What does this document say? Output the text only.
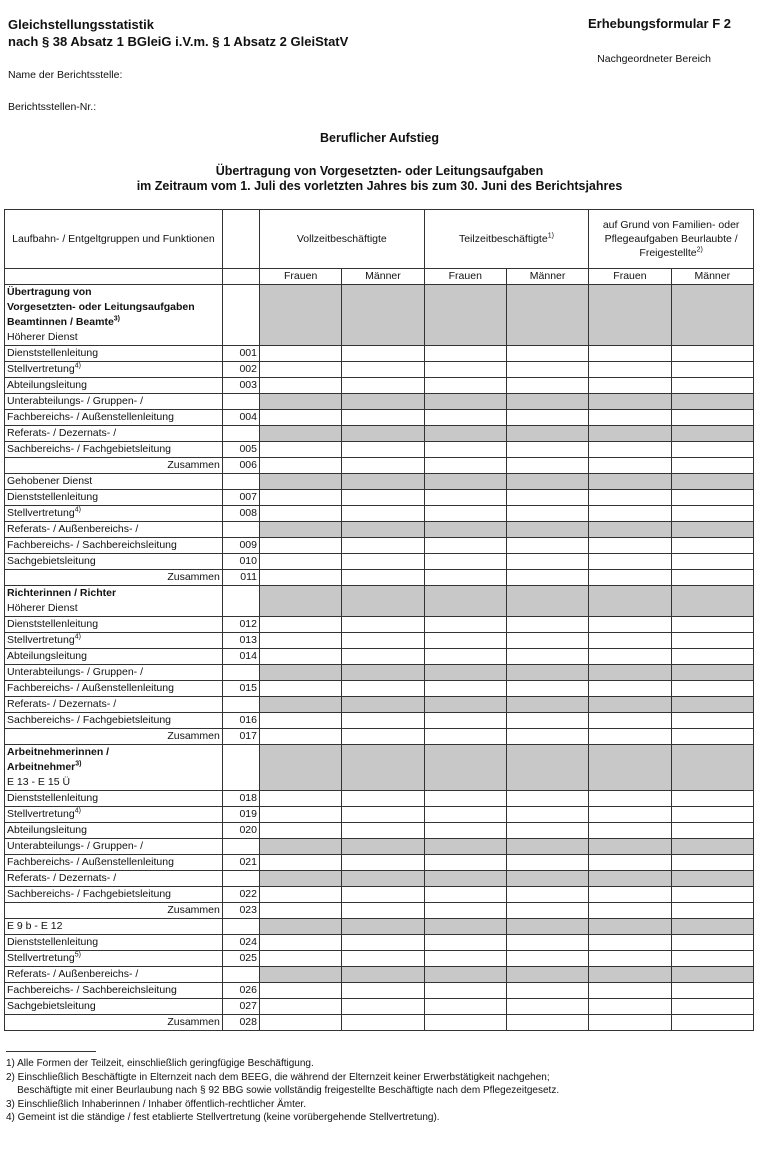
Gleichstellungsstatistik
nach § 38 Absatz 1 BGleiG i.V.m. § 1 Absatz 2 GleiStatV
Erhebungsformular F 2
Nachgeordneter Bereich
Name der Berichtsstelle:
Berichtsstellen-Nr.:
Beruflicher Aufstieg
Übertragung von Vorgesetzten- oder Leitungsaufgaben
im Zeitraum vom 1. Juli des vorletzten Jahres bis zum 30. Juni des Berichtsjahres
Laufbahn- / Entgeltgruppen und Funktionen		Vollzeitbeschäftigte		Teilzeitbeschäftigte$^{1)}$		auf Grund von Familien- oder Pflegeaufgaben Beurlaubte / Freigestellte$^{2)}$
		Frauen	Männer	Frauen	Männer	Frauen	Männer
Übertragung von							
Vorgesetzten- oder Leitungsaufgaben							
Beamtinnen / Beamte$^{3)}$							
Höherer Dienst							
Dienststellenleitung	001						
Stellvertretung$^{4)}$	002						
Abteilungsleitung	003						
Unterabteilungs- / Gruppen- /							
Fachbereichs- / Außenstellenleitung	004						
Referats- / Dezernats- /							
Sachbereichs- / Fachgebietsleitung	005						
Zusammen	006						
Gehobener Dienst							
Dienststellenleitung	007						
Stellvertretung$^{4)}$	008						
Referats- / Außenbereichs- /							
Fachbereichs- / Sachbereichsleitung	009						
Sachgebietsleitung	010						
Zusammen	011						
Richterinnen / Richter							
Höherer Dienst							
Dienststellenleitung	012						
Stellvertretung$^{4)}$	013						
Abteilungsleitung	014						
Unterabteilungs- / Gruppen- /							
Fachbereichs- / Außenstellenleitung	015						
Referats- / Dezernats- /							
Sachbereichs- / Fachgebietsleitung	016						
Zusammen	017						
Arbeitnehmerinnen /							
Arbeitnehmer$^{3)}$							
E 13 - E 15 Ü							
Dienststellenleitung	018						
Stellvertretung$^{4)}$	019						
Abteilungsleitung	020						
Unterabteilungs- / Gruppen- /							
Fachbereichs- / Außenstellenleitung	021						
Referats- / Dezernats- /							
Sachbereichs- / Fachgebietsleitung	022						
Zusammen	023						
E 9 b - E 12							
Dienststellenleitung	024						
Stellvertretung$^{5)}$	025						
Referats- / Außenbereichs- /							
Fachbereichs- / Sachbereichsleitung	026						
Sachgebietsleitung	027						
Zusammen	028						
1) Alle Formen der Teilzeit, einschließlich geringfügige Beschäftigung.
2) Einschließlich Beschäftigte in Elternzeit nach dem BEEG, die während der Elternzeit keiner Erwerbstätigkeit nachgehen;
Beschäftigte mit einer Beurlaubung nach § 92 BBG sowie vollständig freigestellte Beschäftigte nach dem Pflegezeitgesetz.
3) Einschließlich Inhaberinnen / Inhaber öffentlich-rechtlicher Ämter.
4) Gemeint ist die ständige / fest etablierte Stellvertretung (keine vorübergehende Stellvertretung).
